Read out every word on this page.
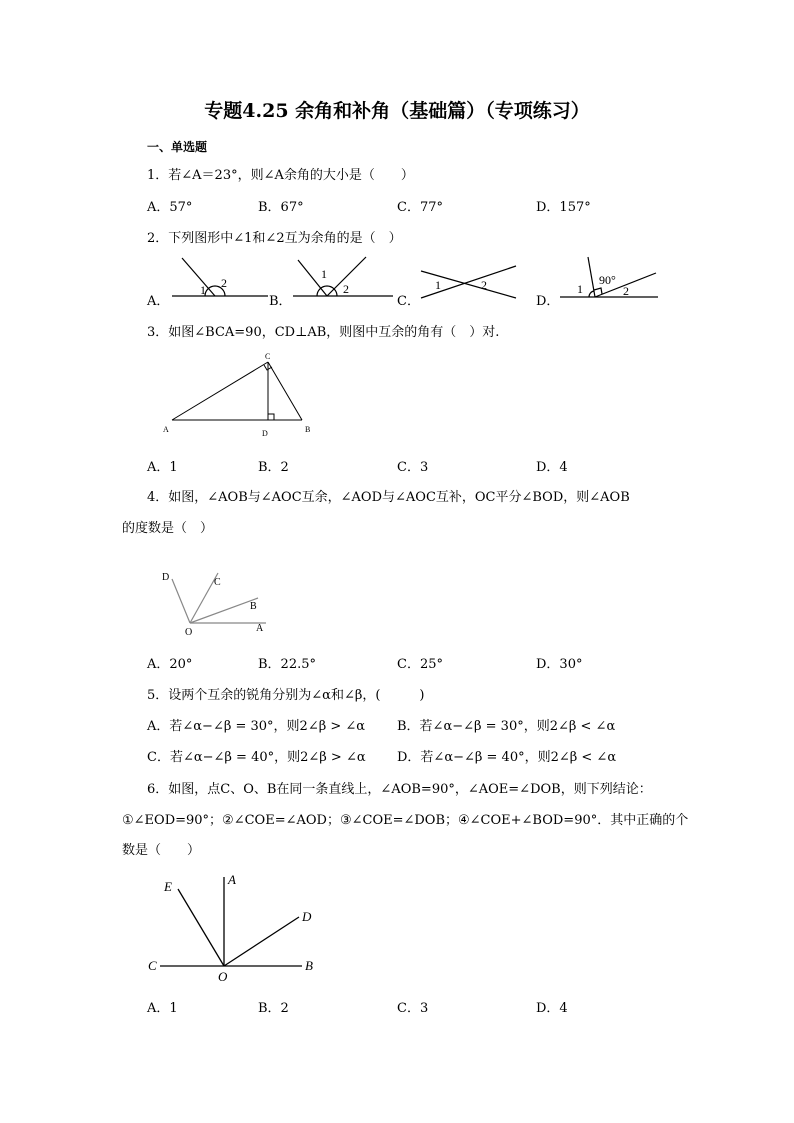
专题4.25 余角和补角（基础篇）（专项练习）
一、单选题
1．若∠A＝23°，则∠A余角的大小是（　　）
A．57°	B．67°	C．77°	D．157°
2．下列图形中∠1和∠2互为余角的是（　）
A．	B．	C．	D．
1 2
1
2	1	2	90°
1	2
3．如图∠BCA=90，CD⊥AB，则图中互余的角有（　）对.
A	B
C
D
A．1	B．2	C．3	D．4
4．如图，∠AOB与∠AOC互余，∠AOD与∠AOC互补，OC平分∠BOD，则∠AOB
的度数是（　）
O	A
B
C
D
A．20°	B．22.5°	C．25°	D．30°
5．设两个互余的锐角分别为∠α和∠β，(　　　)
A．若∠α−∠β = 30°，则2∠β > ∠α B．若∠α−∠β = 30°，则2∠β < ∠α
C．若∠α−∠β = 40°，则2∠β > ∠α D．若∠α−∠β = 40°，则2∠β < ∠α
6．如图，点C、O、B在同一条直线上，∠AOB=90°，∠AOE=∠DOB，则下列结论：
①∠EOD=90°；②∠COE=∠AOD；③∠COE=∠DOB；④∠COE+∠BOD=90°．其中正确的个
数是（　　）
A
E
D
C	B
O
A．1	B．2	C．3	D．4
